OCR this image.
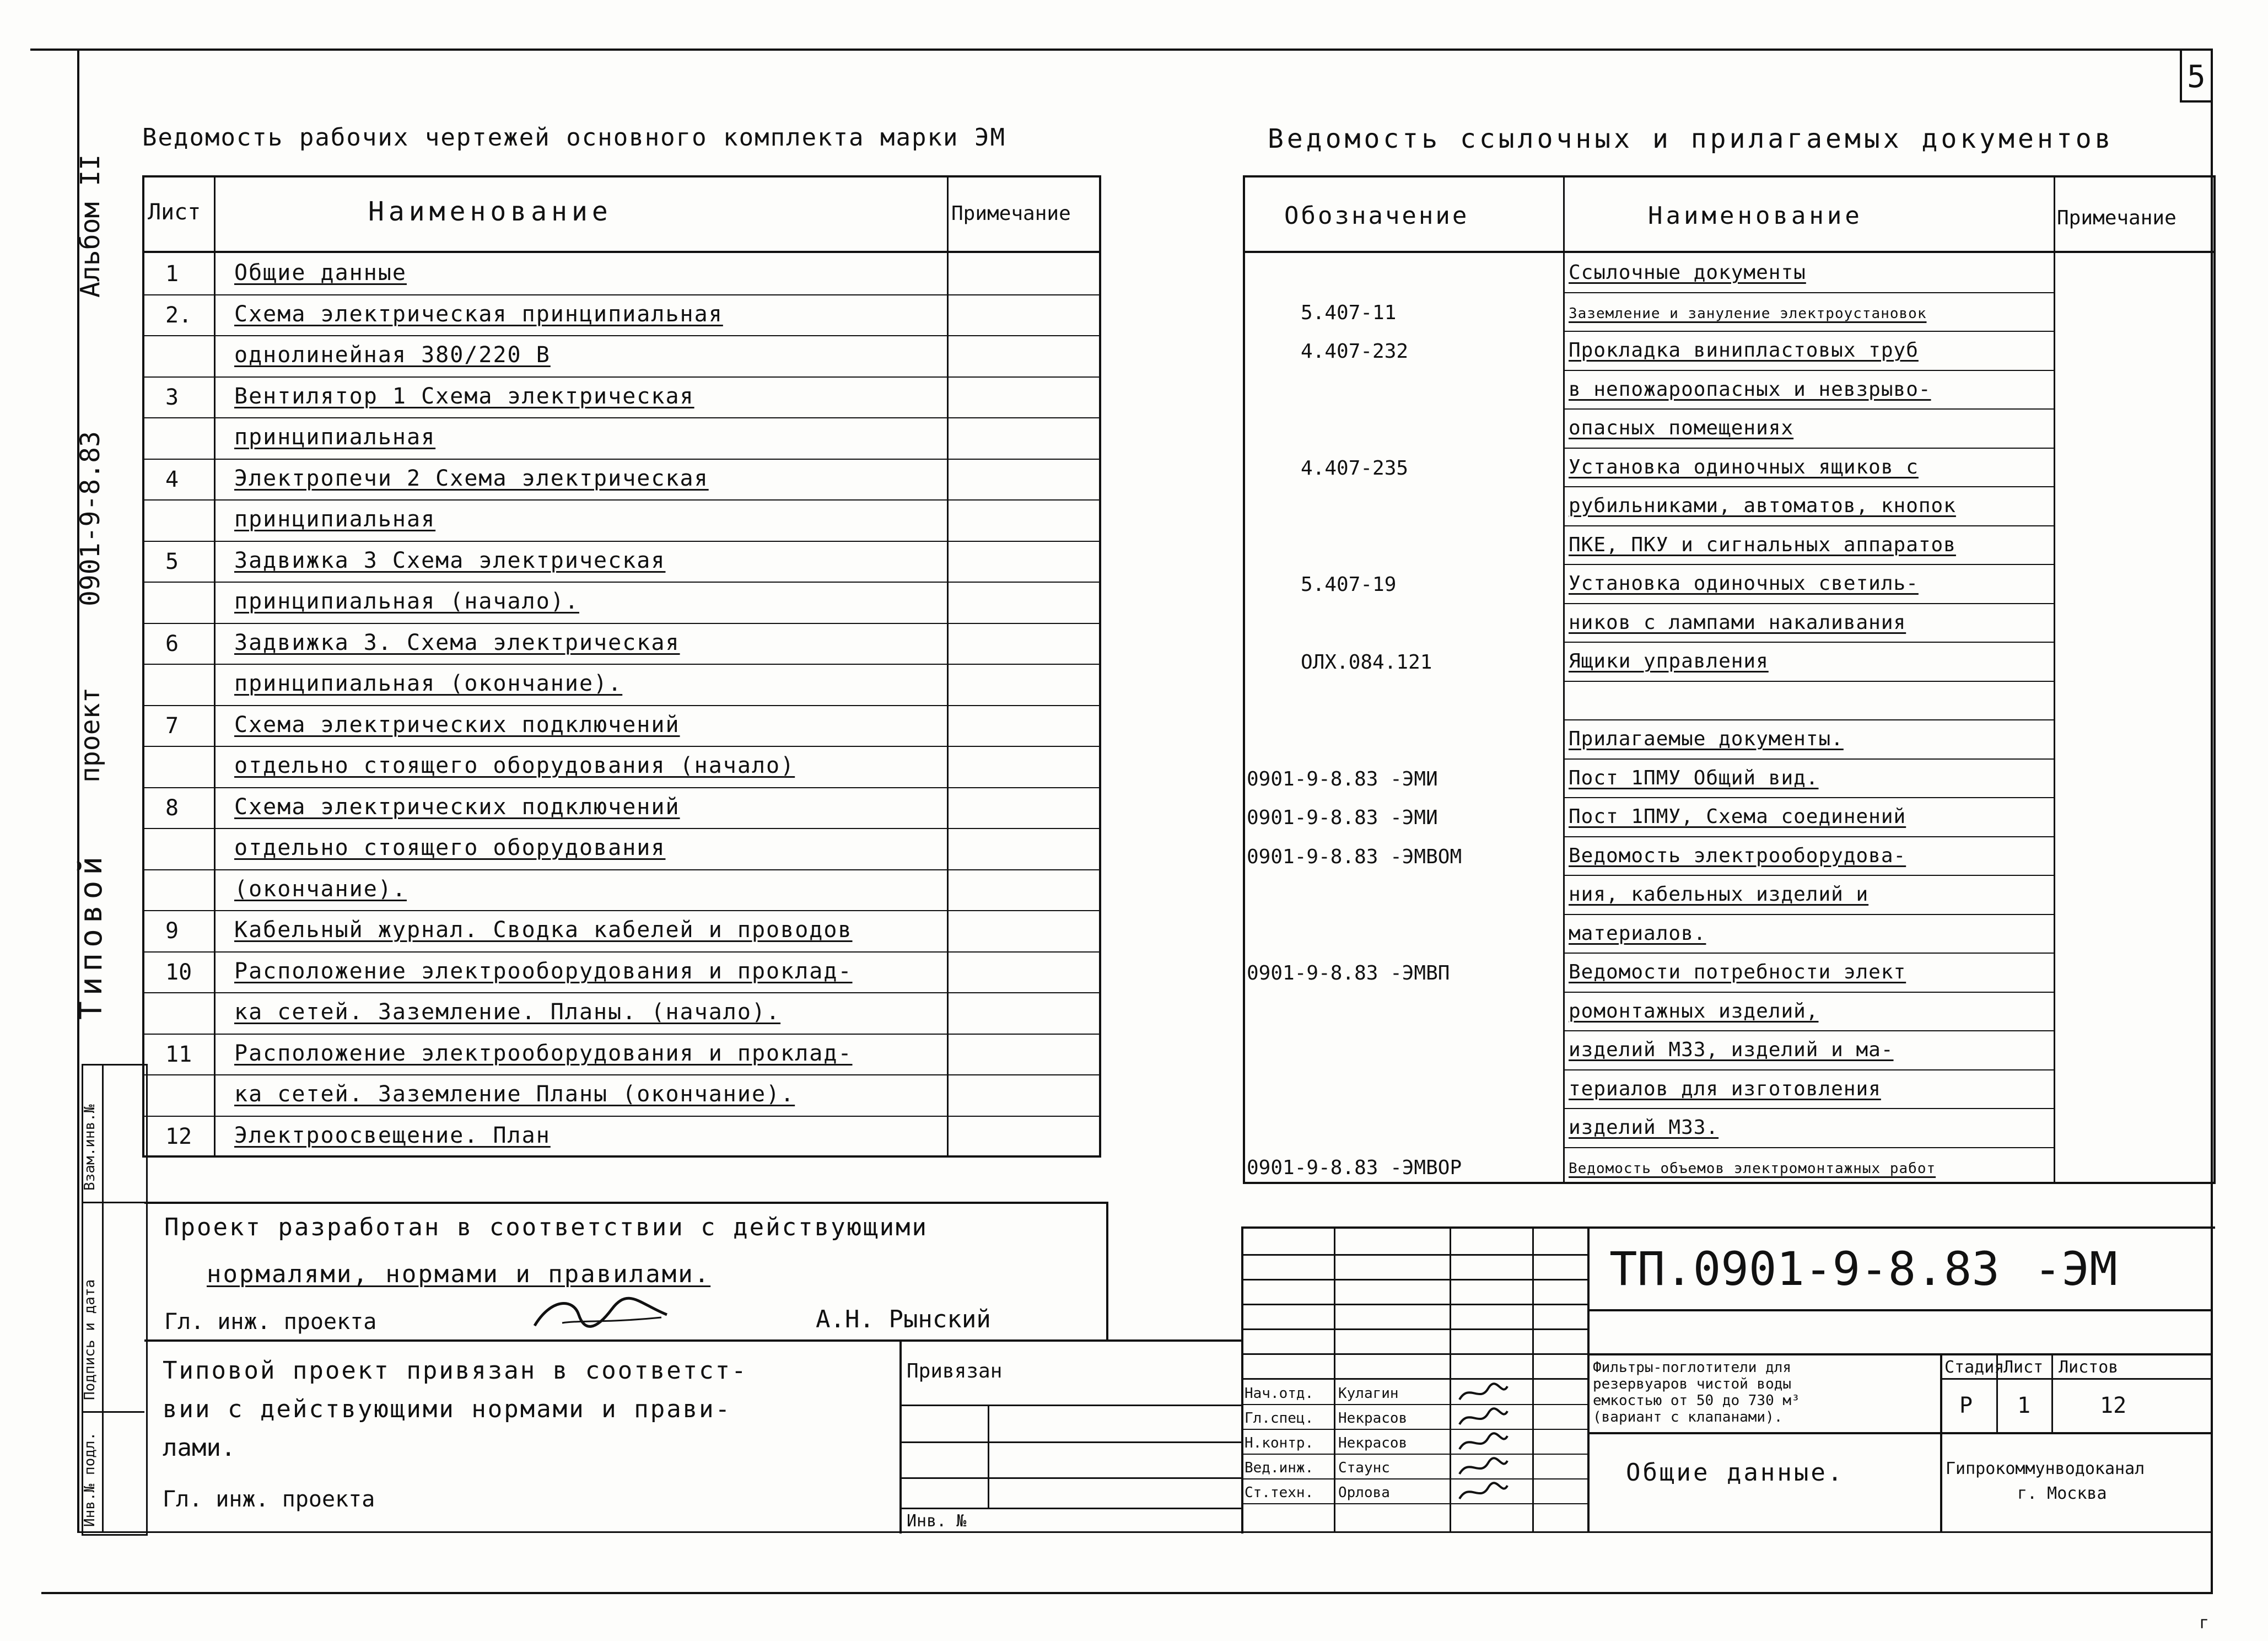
5
Альбом II
0901-9-8.83
проект
Типовой
Взам.инв.№
Подпись и дата
Инв.№ подл.
Ведомость рабочих чертежей основного комплекта марки ЭМ
Лист	Наименование	Примечание
1	Общие данные
2. Схема электрическая принципиальная
однолинейная 380/220 В
3	Вентилятор 1 Схема электрическая
принципиальная
4	Электропечи 2 Схема электрическая
принципиальная
5	Задвижка 3 Схема электрическая
принципиальная (начало).
6	Задвижка 3. Схема электрическая
принципиальная (окончание).
7	Схема электрических подключений
отдельно стоящего оборудования (начало)
8	Схема электрических подключений
отдельно стоящего оборудования
(окончание).
9	Кабельный журнал. Сводка кабелей и проводов
10 Расположение электрооборудования и проклад-
ка сетей. Заземление. Планы. (начало).
11 Расположение электрооборудования и проклад-
ка сетей. Заземление Планы (окончание).
12 Электроосвещение. План
Ведомость ссылочных и прилагаемых документов
Обозначение	Наименование	Примечание
Ссылочные документы
5.407-11	Заземление и зануление электроустановок
4.407-232	Прокладка винипластовых труб
в непожароопасных и невзрыво-
опасных помещениях
4.407-235	Установка одиночных ящиков с
рубильниками, автоматов, кнопок
ПКЕ, ПКУ и сигнальных аппаратов
5.407-19	Установка одиночных светиль-
ников с лампами накаливания
ОЛХ.084.121	Ящики управления
Прилагаемые документы.
0901-9-8.83 -ЭМИ	Пост 1ПМУ Общий вид.
0901-9-8.83 -ЭМИ	Пост 1ПМУ, Схема соединений
0901-9-8.83 -ЭМВОМ	Ведомость электрооборудова-
ния, кабельных изделий и
материалов.
0901-9-8.83 -ЭМВП	Ведомости потребности элект
ромонтажных изделий,
изделий МЗЗ, изделий и ма-
териалов для изготовления
изделий МЗЗ.
0901-9-8.83 -ЭМВОР	Ведомость объемов электромонтажных работ
Проект разработан в соответствии с действующими
нормалями, нормами и правилами.
Гл. инж. проекта	А.Н. Рынский
Типовой проект привязан в соответст-
вии с действующими нормами и прави-
лами.
Гл. инж. проекта
Привязан
Инв. №
Нач.отд. Кулагин
Гл.спец. Некрасов
Н.контр. Некрасов
Вед.инж. Стаунс
Ст.техн. Орлова
ТП.0901-9-8.83 -ЭМ
Фильтры-поглотители для
резервуаров чистой воды
емкостью от 50 до 730 м³
(вариант с клапанами).
Стадия
Лист Листов
Р 1	12
Общие данные.	Гипрокоммунводоканал
г. Москва
г
